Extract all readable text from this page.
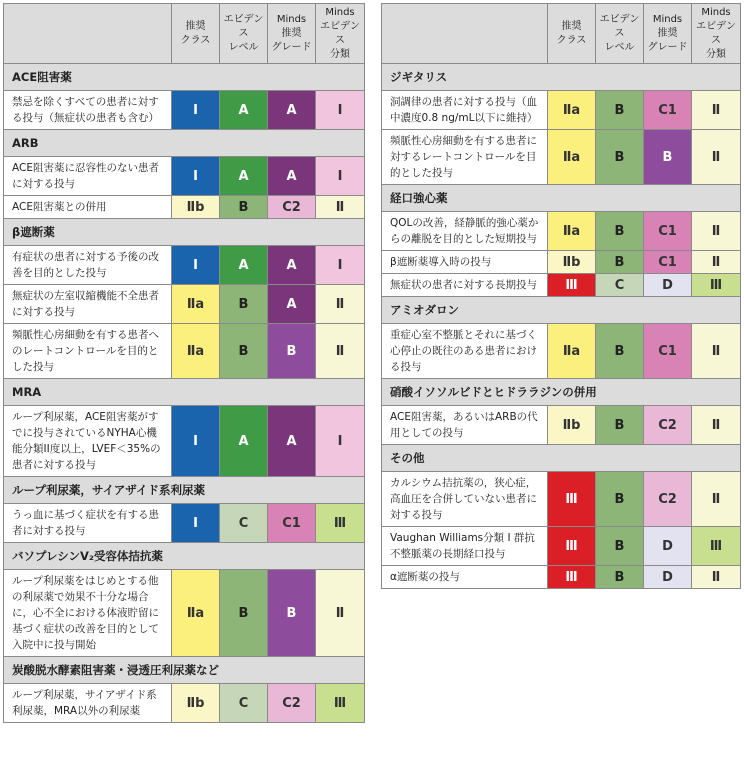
	推奨
クラス	エビデンス
レベル	Minds
推奨
グレード	Minds
エビデンス
分類
ACE阻害薬				
禁忌を除くすべての患者に対する投与（無症状の患者も含む）	Ⅰ	A	A	Ⅰ
ARB				
ACE阻害薬に忍容性のない患者に対する投与	Ⅰ	A	A	Ⅰ
ACE阻害薬との併用	Ⅱb	B	C2	Ⅱ
β遮断薬				
有症状の患者に対する予後の改善を目的とした投与	Ⅰ	A	A	Ⅰ
無症状の左室収縮機能不全患者に対する投与	Ⅱa	B	A	Ⅱ
頻脈性心房細動を有する患者へのレートコントロールを目的とした投与	Ⅱa	B	B	Ⅱ
MRA				
ループ利尿薬，ACE阻害薬がすでに投与されているNYHA心機能分類II度以上，LVEF＜35%の患者に対する投与	Ⅰ	A	A	Ⅰ
ループ利尿薬，サイアザイド系利尿薬				
うっ血に基づく症状を有する患者に対する投与	Ⅰ	C	C1	Ⅲ
バソプレシンV₂受容体拮抗薬				
ループ利尿薬をはじめとする他の利尿薬で効果不十分な場合に，心不全における体液貯留に基づく症状の改善を目的として入院中に投与開始	Ⅱa	B	B	Ⅱ
炭酸脱水酵素阻害薬・浸透圧利尿薬など				
ループ利尿薬，サイアザイド系利尿薬，MRA以外の利尿薬	Ⅱb	C	C2	Ⅲ
	推奨
クラス	エビデンス
レベル	Minds
推奨
グレード	Minds
エビデンス
分類
ジギタリス				
洞調律の患者に対する投与（血中濃度0.8 ng/mL以下に維持）	Ⅱa	B	C1	Ⅱ
頻脈性心房細動を有する患者に対するレートコントロールを目的とした投与	Ⅱa	B	B	Ⅱ
経口強心薬				
QOLの改善，経静脈的強心薬からの離脱を目的とした短期投与	Ⅱa	B	C1	Ⅱ
β遮断薬導入時の投与	Ⅱb	B	C1	Ⅱ
無症状の患者に対する長期投与	Ⅲ	C	D	Ⅲ
アミオダロン				
重症心室不整脈とそれに基づく心停止の既往のある患者における投与	Ⅱa	B	C1	Ⅱ
硝酸イソソルビドとヒドララジンの併用				
ACE阻害薬，あるいはARBの代用としての投与	Ⅱb	B	C2	Ⅱ
その他				
カルシウム拮抗薬の，狭心症，高血圧を合併していない患者に対する投与	Ⅲ	B	C2	Ⅱ
Vaughan Williams分類 I 群抗不整脈薬の長期経口投与	Ⅲ	B	D	Ⅲ
α遮断薬の投与	Ⅲ	B	D	Ⅱ
